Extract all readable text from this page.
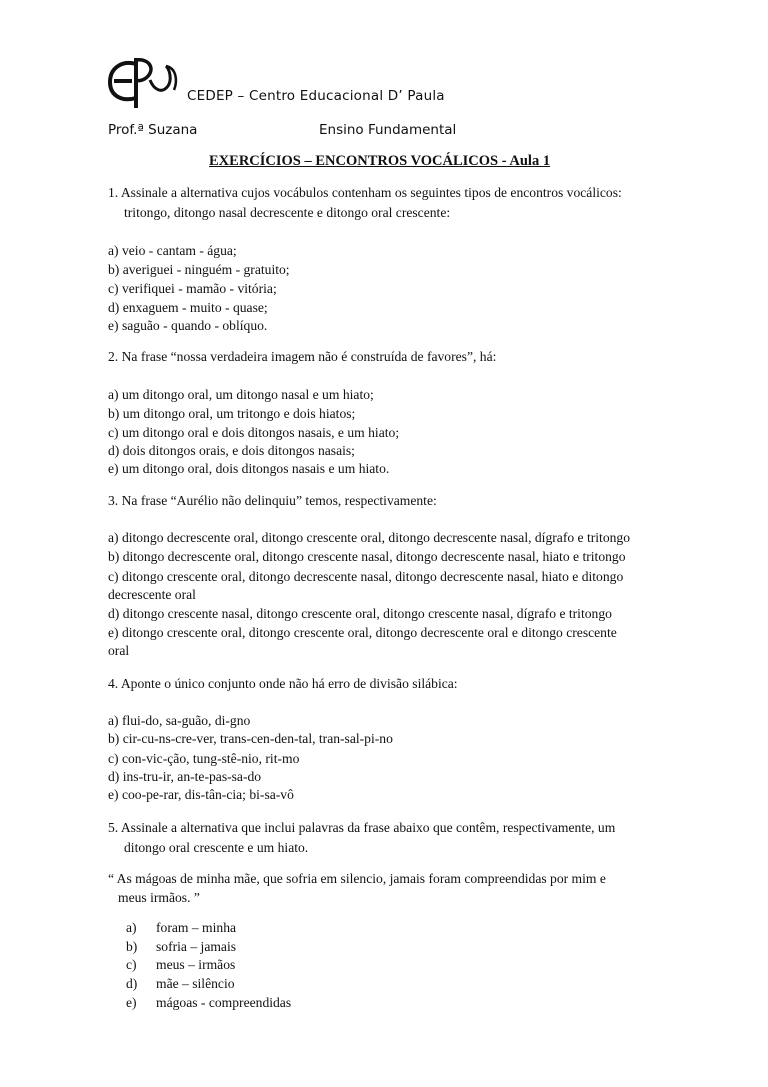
CEDEP – Centro Educacional D’ Paula
Prof.ª Suzana	Ensino Fundamental
EXERCÍCIOS – ENCONTROS VOCÁLICOS - Aula 1
1. Assinale a alternativa cujos vocábulos contenham os seguintes tipos de encontros vocálicos:
tritongo, ditongo nasal decrescente e ditongo oral crescente:
a) veio - cantam - água;
b) averiguei - ninguém - gratuito;
c) verifiquei - mamão - vitória;
d) enxaguem - muito - quase;
e) saguão - quando - oblíquo.
2. Na frase “nossa verdadeira imagem não é construída de favores”, há:
a) um ditongo oral, um ditongo nasal e um hiato;
b) um ditongo oral, um tritongo e dois hiatos;
c) um ditongo oral e dois ditongos nasais, e um hiato;
d) dois ditongos orais, e dois ditongos nasais;
e) um ditongo oral, dois ditongos nasais e um hiato.
3. Na frase “Aurélio não delinquiu” temos, respectivamente:
a) ditongo decrescente oral, ditongo crescente oral, ditongo decrescente nasal, dígrafo e tritongo
b) ditongo decrescente oral, ditongo crescente nasal, ditongo decrescente nasal, hiato e tritongo
c) ditongo crescente oral, ditongo decrescente nasal, ditongo decrescente nasal, hiato e ditongo
decrescente oral
d) ditongo crescente nasal, ditongo crescente oral, ditongo crescente nasal, dígrafo e tritongo
e) ditongo crescente oral, ditongo crescente oral, ditongo decrescente oral e ditongo crescente
oral
4. Aponte o único conjunto onde não há erro de divisão silábica:
a) flui-do, sa-guão, di-gno
b) cir-cu-ns-cre-ver, trans-cen-den-tal, tran-sal-pi-no
c) con-vic-ção, tung-stê-nio, rit-mo
d) ins-tru-ir, an-te-pas-sa-do
e) coo-pe-rar, dis-tân-cia; bi-sa-vô
5. Assinale a alternativa que inclui palavras da frase abaixo que contêm, respectivamente, um
ditongo oral crescente e um hiato.
“ As mágoas de minha mãe, que sofria em silencio, jamais foram compreendidas por mim e
meus irmãos. ”
a) foram – minha
b) sofria – jamais
c) meus – irmãos
d) mãe – silêncio
e) mágoas - compreendidas
